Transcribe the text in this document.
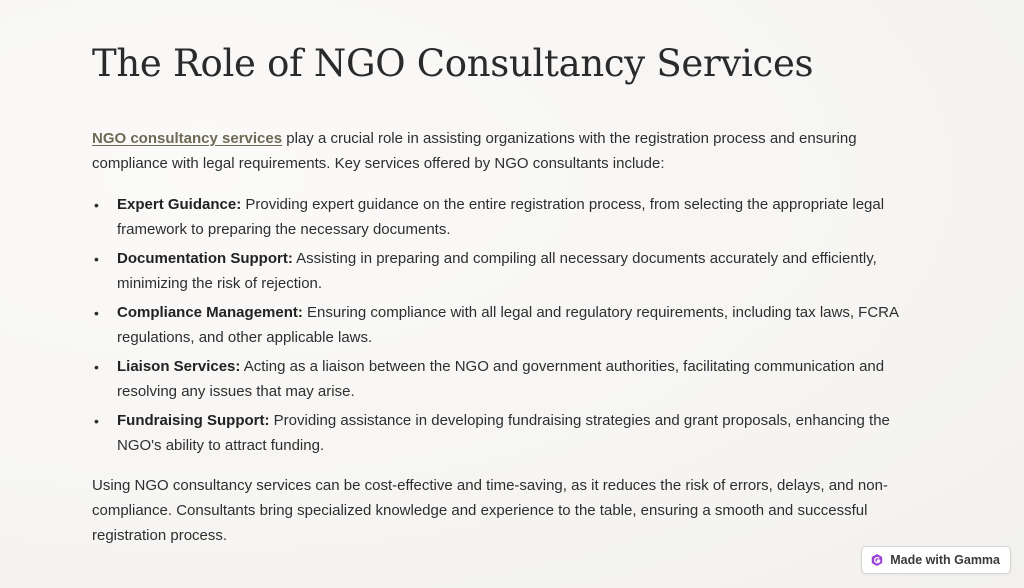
The Role of NGO Consultancy Services

NGO consultancy services play a crucial role in assisting organizations with the registration process and ensuring compliance with legal requirements. Key services offered by NGO consultants include:

• Expert Guidance: Providing expert guidance on the entire registration process, from selecting the appropriate legal framework to preparing the necessary documents.
• Documentation Support: Assisting in preparing and compiling all necessary documents accurately and efficiently, minimizing the risk of rejection.
• Compliance Management: Ensuring compliance with all legal and regulatory requirements, including tax laws, FCRA regulations, and other applicable laws.
• Liaison Services: Acting as a liaison between the NGO and government authorities, facilitating communication and resolving any issues that may arise.
• Fundraising Support: Providing assistance in developing fundraising strategies and grant proposals, enhancing the NGO's ability to attract funding.

Using NGO consultancy services can be cost-effective and time-saving, as it reduces the risk of errors, delays, and non-compliance. Consultants bring specialized knowledge and experience to the table, ensuring a smooth and successful registration process.

Made with Gamma
